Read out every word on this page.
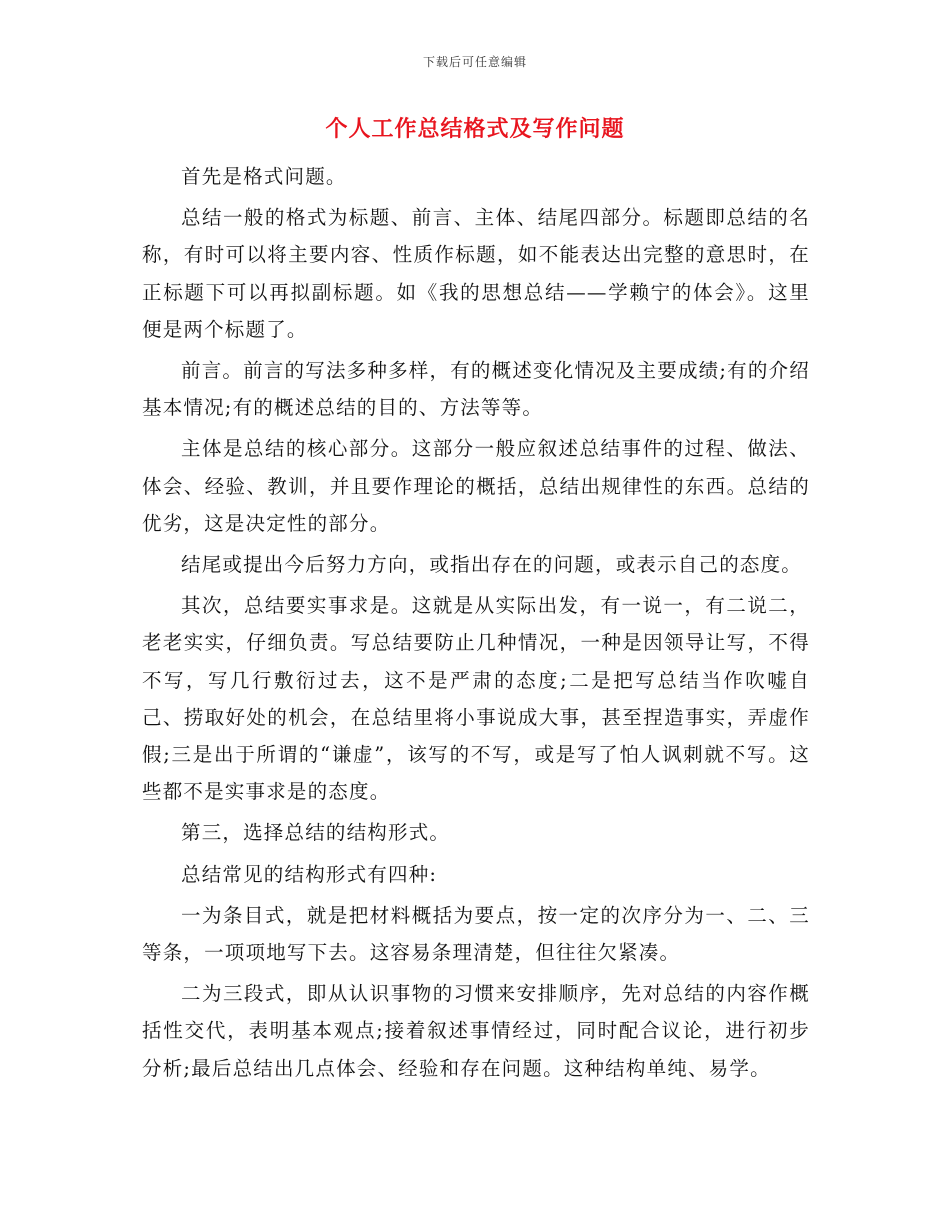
下载后可任意编辑
个人工作总结格式及写作问题

首先是格式问题。

总结一般的格式为标题、前言、主体、结尾四部分。标题即总结的名称，有时可以将主要内容、性质作标题，如不能表达出完整的意思时，在正标题下可以再拟副标题。如《我的思想总结——学赖宁的体会》。这里便是两个标题了。

前言。前言的写法多种多样，有的概述变化情况及主要成绩;有的介绍基本情况;有的概述总结的目的、方法等等。

主体是总结的核心部分。这部分一般应叙述总结事件的过程、做法、体会、经验、教训，并且要作理论的概括，总结出规律性的东西。总结的优劣，这是决定性的部分。

结尾或提出今后努力方向，或指出存在的问题，或表示自己的态度。

其次，总结要实事求是。这就是从实际出发，有一说一，有二说二，老老实实，仔细负责。写总结要防止几种情况，一种是因领导让写，不得不写，写几行敷衍过去，这不是严肃的态度;二是把写总结当作吹嘘自己、捞取好处的机会，在总结里将小事说成大事，甚至捏造事实，弄虚作假;三是出于所谓的“谦虚”，该写的不写，或是写了怕人讽刺就不写。这些都不是实事求是的态度。

第三，选择总结的结构形式。

总结常见的结构形式有四种:

一为条目式，就是把材料概括为要点，按一定的次序分为一、二、三等条，一项项地写下去。这容易条理清楚，但往往欠紧凑。

二为三段式，即从认识事物的习惯来安排顺序，先对总结的内容作概括性交代，表明基本观点;接着叙述事情经过，同时配合议论，进行初步分析;最后总结出几点体会、经验和存在问题。这种结构单纯、易学。
